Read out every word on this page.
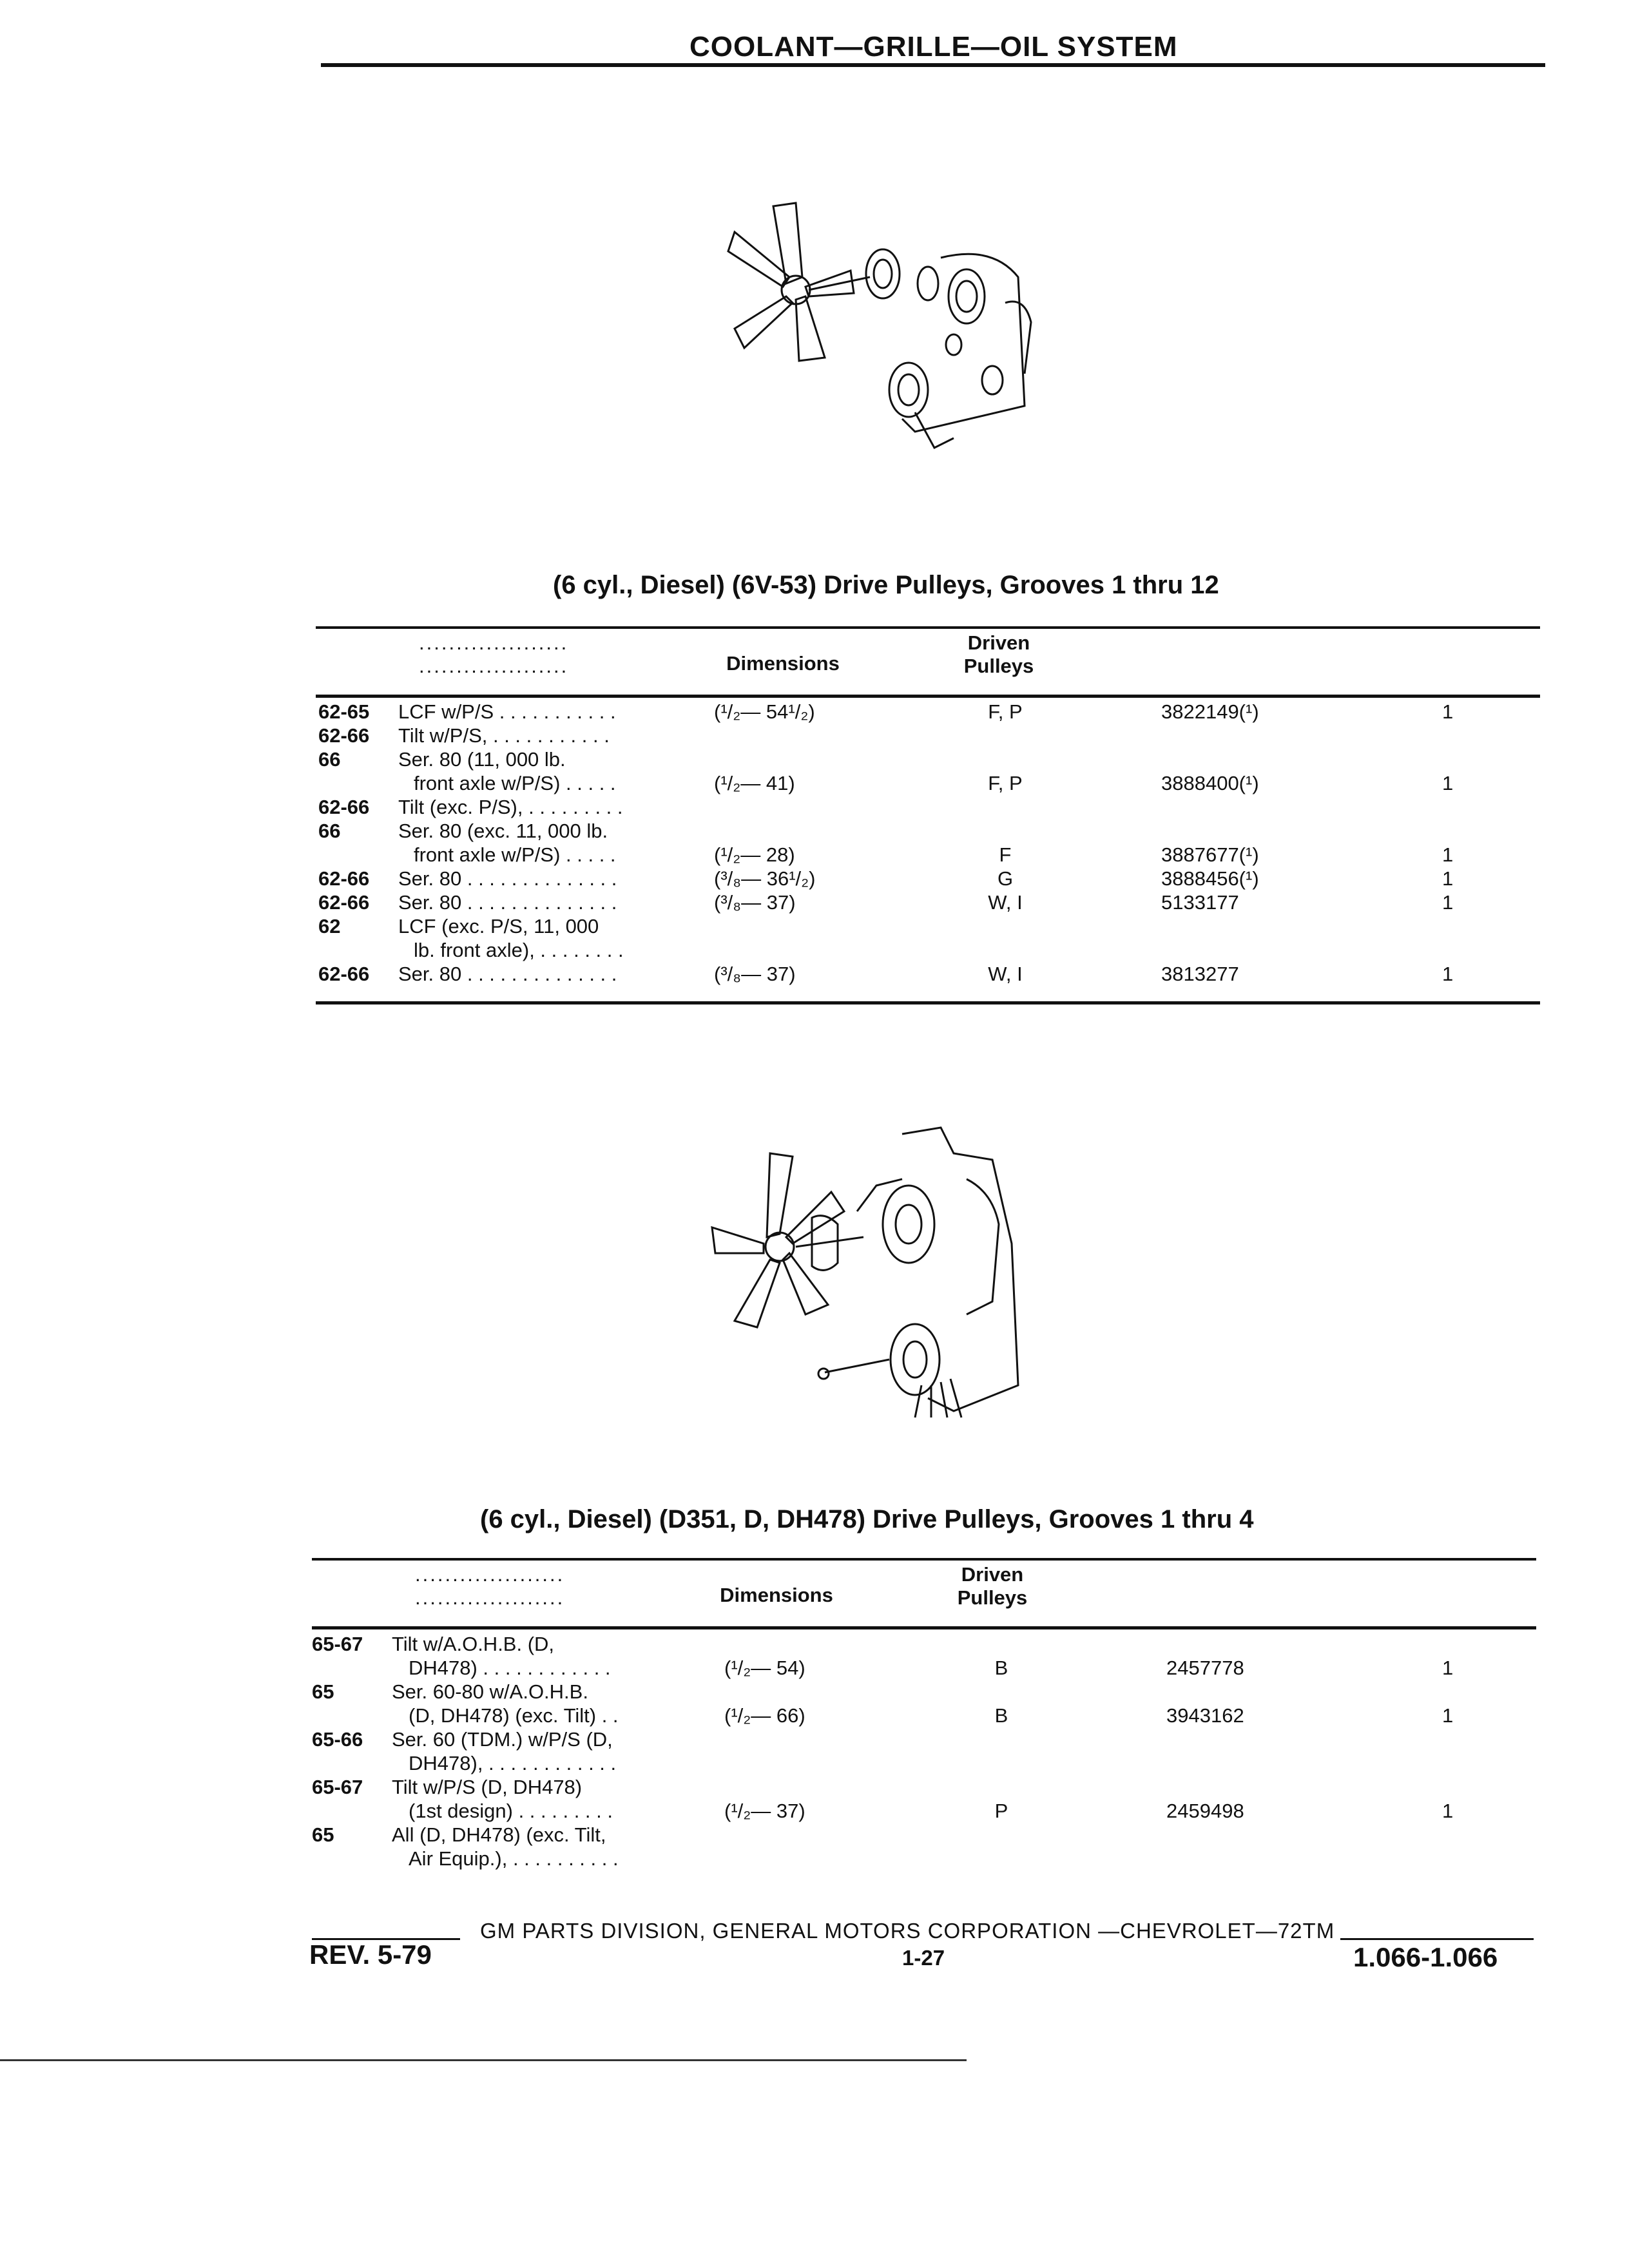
COOLANT—GRILLE—OIL SYSTEM
(6 cyl., Diesel) (6V-53) Drive Pulleys, Grooves 1 thru 12
....................
....................	Dimensions
Driven
Pulleys
62-65 LCF w/P/S . . . . . . . . . . .	(¹/₂— 54¹/₂)	F, P	3822149(¹)	1
62-66 Tilt w/P/S, . . . . . . . . . . .
66	Ser. 80 (11, 000 lb.
front axle w/P/S) . . . . .	(¹/₂— 41)	F, P	3888400(¹)	1
62-66 Tilt (exc. P/S), . . . . . . . . .
66	Ser. 80 (exc. 11, 000 lb.
front axle w/P/S) . . . . .	(¹/₂— 28)	F	3887677(¹)	1
62-66 Ser. 80 . . . . . . . . . . . . . .	(³/₈— 36¹/₂)	G	3888456(¹)	1
62-66 Ser. 80 . . . . . . . . . . . . . .	(³/₈— 37)	W, I	5133177	1
62	LCF (exc. P/S, 11, 000
lb. front axle), . . . . . . . .
62-66 Ser. 80 . . . . . . . . . . . . . .	(³/₈— 37)	W, I	3813277	1
(6 cyl., Diesel) (D351, D, DH478) Drive Pulleys, Grooves 1 thru 4
....................
....................	Dimensions
Driven
Pulleys
65-67 Tilt w/A.O.H.B. (D,
DH478) . . . . . . . . . . . .	(¹/₂— 54)	B	2457778	1
65	Ser. 60-80 w/A.O.H.B.
(D, DH478) (exc. Tilt) . .	(¹/₂— 66)	B	3943162	1
65-66 Ser. 60 (TDM.) w/P/S (D,
DH478), . . . . . . . . . . . .
65-67 Tilt w/P/S (D, DH478)
(1st design) . . . . . . . . .	(¹/₂— 37)	P	2459498	1
65	All (D, DH478) (exc. Tilt,
Air Equip.), . . . . . . . . . .
GM PARTS DIVISION, GENERAL MOTORS CORPORATION —CHEVROLET—72TM
REV. 5-79	1-27	1.066-1.066
